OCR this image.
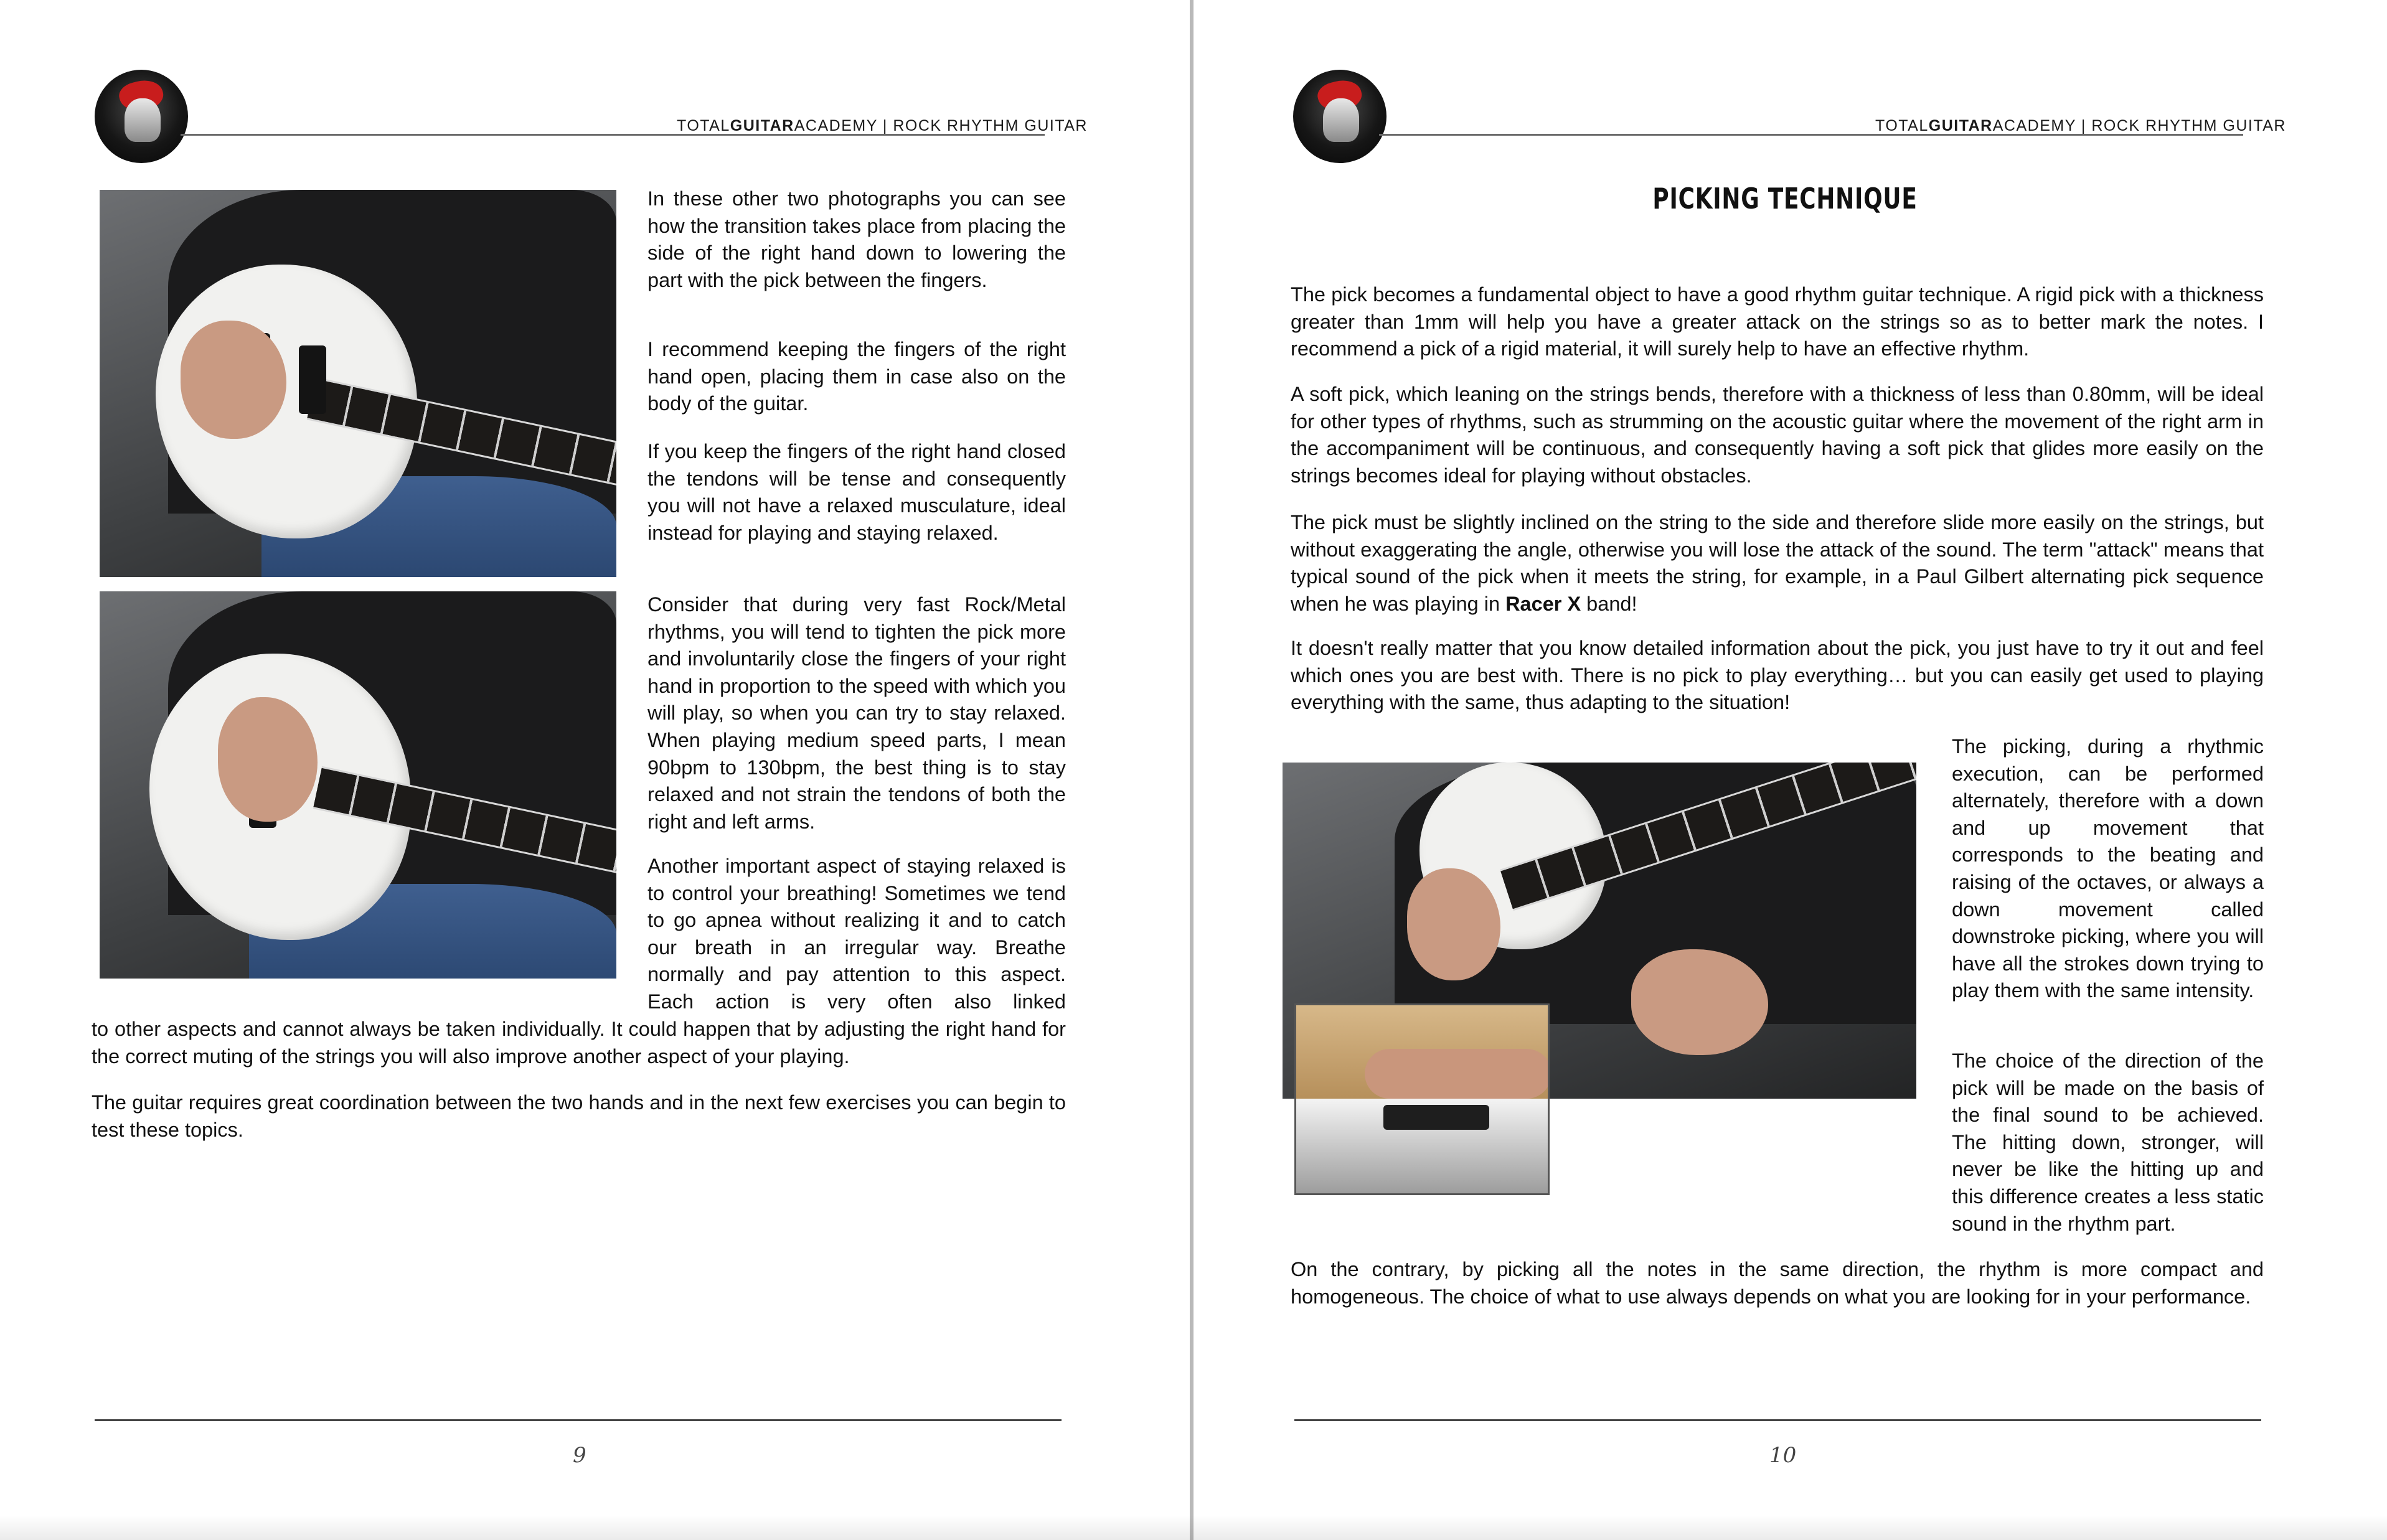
TOTALGUITARACADEMY | ROCK RHYTHM GUITAR

In these other two photographs you can see how the transition takes place from placing the side of the right hand down to lowering the part with the pick between the fingers.

I recommend keeping the fingers of the right hand open, placing them in case also on the body of the guitar.

If you keep the fingers of the right hand closed the tendons will be tense and consequently you will not have a relaxed musculature, ideal instead for playing and staying relaxed.

Consider that during very fast Rock/Metal rhythms, you will tend to tighten the pick more and involuntarily close the fingers of your right hand in proportion to the speed with which you will play, so when you can try to stay relaxed. When playing medium speed parts, I mean 90bpm to 130bpm, the best thing is to stay relaxed and not strain the tendons of both the right and left arms.

Another important aspect of staying relaxed is to control your breathing! Sometimes we tend to go apnea without realizing it and to catch our breath in an irregular way. Breathe normally and pay attention to this aspect. Each action is very often also linked

to other aspects and cannot always be taken individually. It could happen that by adjusting the right hand for the correct muting of the strings you will also improve another aspect of your playing.

The guitar requires great coordination between the two hands and in the next few exercises you can begin to test these topics.

9
TOTALGUITARACADEMY | ROCK RHYTHM GUITAR
PICKING TECHNIQUE

The pick becomes a fundamental object to have a good rhythm guitar technique. A rigid pick with a thickness greater than 1mm will help you have a greater attack on the strings so as to better mark the notes. I recommend a pick of a rigid material, it will surely help to have an effective rhythm.

A soft pick, which leaning on the strings bends, therefore with a thickness of less than 0.80mm, will be ideal for other types of rhythms, such as strumming on the acoustic guitar where the movement of the right arm in the accompaniment will be continuous, and consequently having a soft pick that glides more easily on the strings becomes ideal for playing without obstacles.

The pick must be slightly inclined on the string to the side and therefore slide more easily on the strings, but without exaggerating the angle, otherwise you will lose the attack of the sound. The term "attack" means that typical sound of the pick when it meets the string, for example, in a Paul Gilbert alternating pick sequence when he was playing in Racer X band!

It doesn't really matter that you know detailed information about the pick, you just have to try it out and feel which ones you are best with. There is no pick to play everything… but you can easily get used to playing everything with the same, thus adapting to the situation!

The picking, during a rhythmic execution, can be performed alternately, therefore with a down and up movement that corresponds to the beating and raising of the octaves, or always a down movement called downstroke picking, where you will have all the strokes down trying to play them with the same intensity.

The choice of the direction of the pick will be made on the basis of the final sound to be achieved. The hitting down, stronger, will never be like the hitting up and this difference creates a less static sound in the rhythm part.

On the contrary, by picking all the notes in the same direction, the rhythm is more compact and homogeneous. The choice of what to use always depends on what you are looking for in your performance.

10
